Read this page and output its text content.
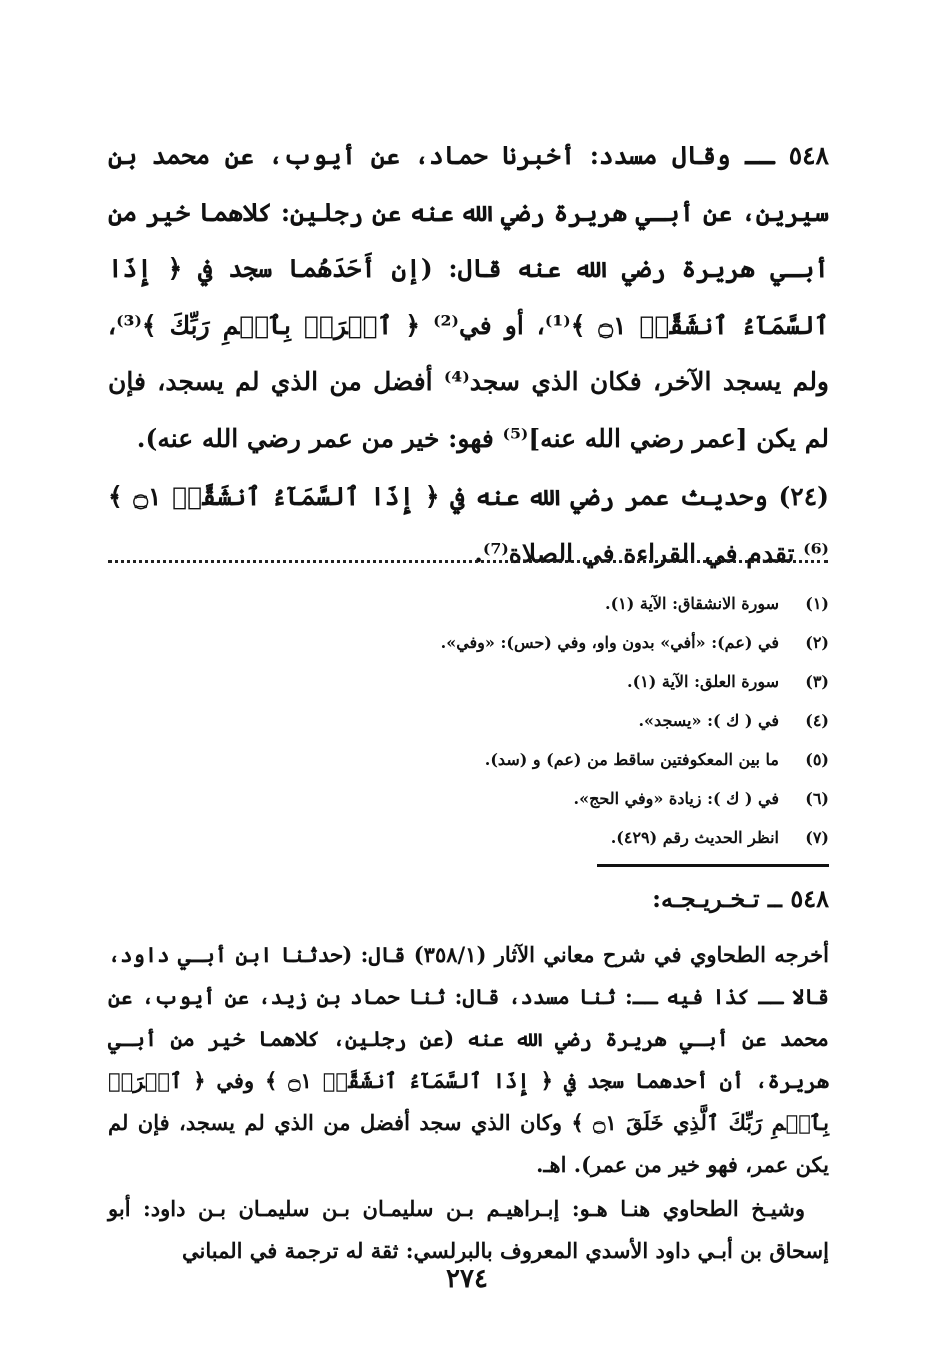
٥٤٨ ــ وقال مسدد: أخبرنا حماد، عن أيوب، عن محمد بن سيرين، عن أبـي هريرة رضي الله عنه عن رجلين: كلاهما خير من أبـي هريرة رضي الله عنه قال: (إن أَحَدَهُما سجد في ﴿ إِذَا ٱلسَّمَآءُ ٱنشَقَّتۡ ۝١ ﴾⁽¹⁾، أو في⁽²⁾ ﴿ ٱقۡرَأۡ بِٱسۡمِ رَبِّكَ ﴾⁽³⁾، ولم يسجد الآخر، فكان الذي سجد⁽⁴⁾ أفضل من الذي لم يسجد، فإن لم يكن [عمر رضي الله عنه]⁽⁵⁾ فهو: خير من عمر رضي الله عنه).

(٢٤) وحديث عمر رضي الله عنه في ﴿ إِذَا ٱلسَّمَآءُ ٱنشَقَّتۡ ۝١ ﴾⁽⁶⁾ تقدم في القراءة في الصلاة⁽⁷⁾.

(١)
سورة الانشقاق: الآية (١).
(٢)
في (عم): «أفي» بدون واو، وفي (حس): «وفي».
(٣)
سورة العلق: الآية (١).
(٤)
في ( ك ): «يسجد».
(٥)
ما بين المعكوفتين ساقط من (عم) و (سد).
(٦)
في ( ك ): زيادة «وفي الحج».
(٧)
انظر الحديث رقم (٤٢٩).
٥٤٨ ــ تـخـريـجـه:

أخرجه الطحاوي في شرح معاني الآثار (٣٥٨/١) قال: (حدثنا ابن أبـي داود، قالا ــ كذا فيه ــ: ثنا مسدد، قال: ثنا حماد بن زيد، عن أيوب، عن محمد عن أبـي هريرة رضي الله عنه (عن رجلين، كلاهما خير من أبـي هريرة، أن أحدهما سجد في ﴿ إِذَا ٱلسَّمَآءُ ٱنشَقَّتۡ ۝١ ﴾ وفي ﴿ ٱقۡرَأۡ بِٱسۡمِ رَبِّكَ ٱلَّذِي خَلَقَ ۝١ ﴾ وكان الذي سجد أفضل من الذي لم يسجد، فإن لم يكن عمر، فهو خير من عمر). اهـ.

وشيـخ الطحاوي هنـا هـو: إبـراهيـم بـن سليمـان بـن سليمـان بـن داود: أبو إسحاق بن أبـي داود الأسدي المعروف بالبرلسي: ثقة له ترجمة في المباني

٢٧٤
